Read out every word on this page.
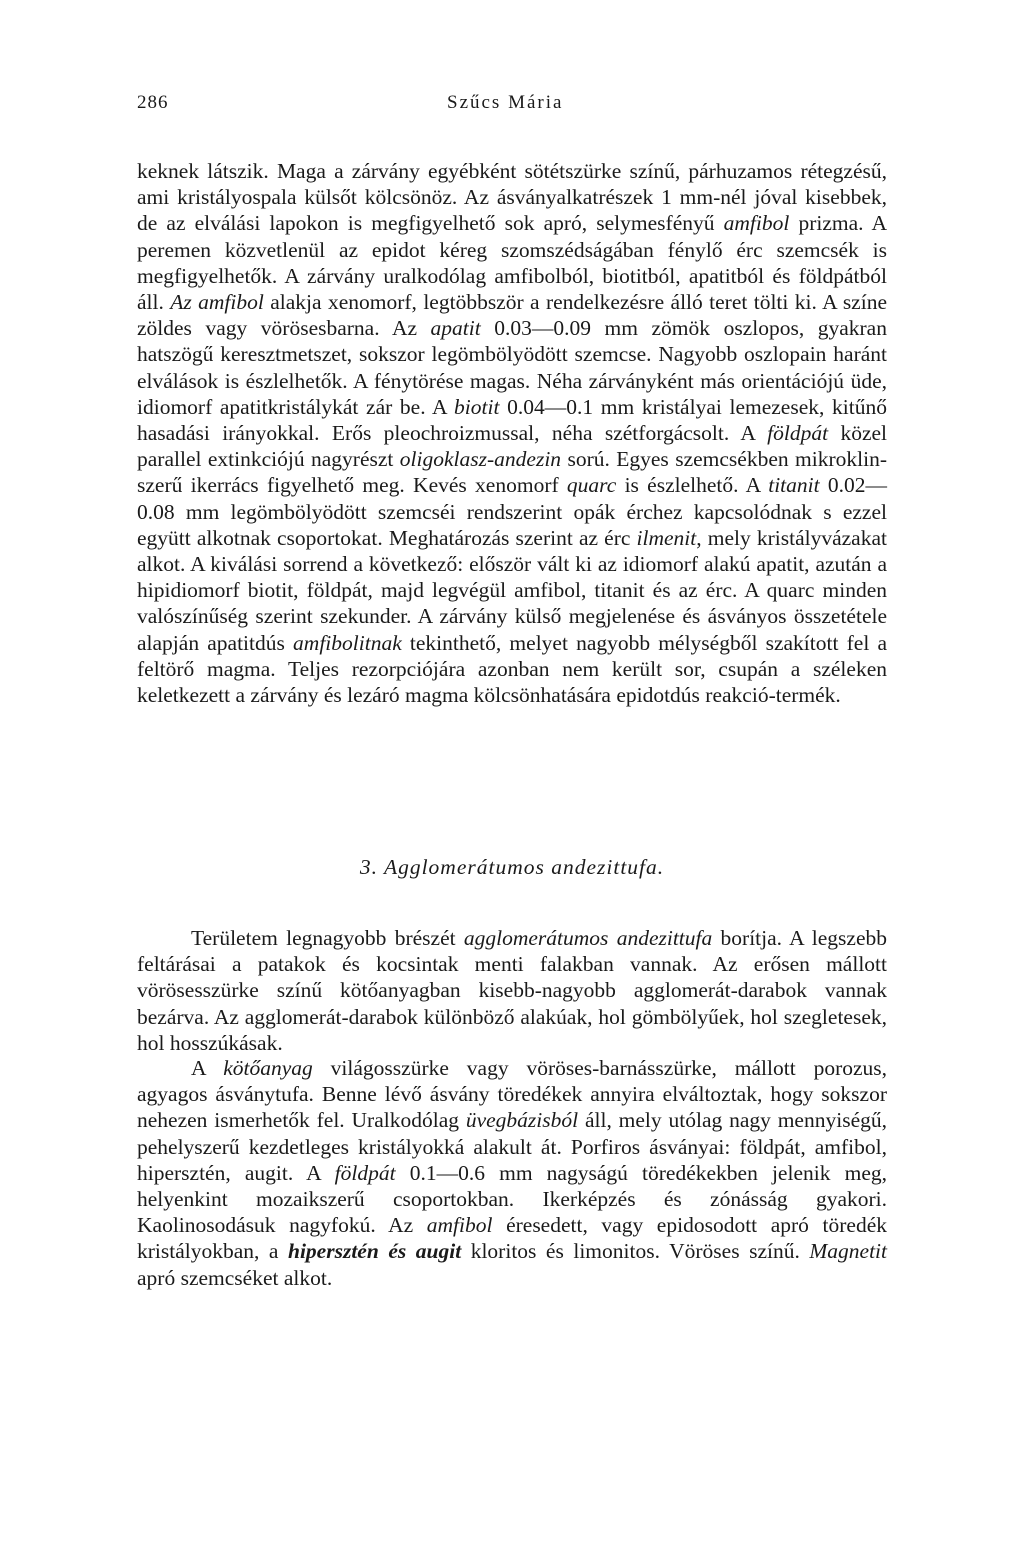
286	Szűcs Mária

keknek látszik. Maga a zárvány egyébként sötétszürke színű, párhuzamos rétegzésű, ami kristályospala külsőt kölcsönöz. Az ásványalkatrészek 1 mm-nél jóval kisebbek, de az elválási lapokon is megfigyelhető sok apró, selymesfényű amfibol prizma. A peremen közvetlenül az epidot kéreg szomszédságában fénylő érc szemcsék is megfigyelhetők. A zárvány uralkodólag amfibolból, biotitból, apatitból és földpátból áll. Az amfibol alakja xenomorf, legtöbbször a rendelkezésre álló teret tölti ki. A színe zöldes vagy vörösesbarna. Az apatit 0.03—0.09 mm zömök oszlopos, gyakran hatszögű keresztmetszet, sokszor legömbölyödött szemcse. Nagyobb oszlopain haránt elválások is észlelhetők. A fénytörése magas. Néha zárványként más orientációjú üde, idiomorf apatitkristálykát zár be. A biotit 0.04—0.1 mm kristályai lemezesek, kitűnő hasadási irányokkal. Erős pleochroizmussal, néha szétforgácsolt. A földpát közel parallel extinkciójú nagyrészt oligoklasz-andezin sorú. Egyes szemcsékben mikroklin-szerű ikerrács figyelhető meg. Kevés xenomorf quarc is észlelhető. A titanit 0.02—0.08 mm legömbölyödött szemcséi rendszerint opák érchez kapcsolódnak s ezzel együtt alkotnak csoportokat. Meghatározás szerint az érc ilmenit, mely kristályvázakat alkot. A kiválási sorrend a következő: először vált ki az idiomorf alakú apatit, azután a hipidiomorf biotit, földpát, majd legvégül amfibol, titanit és az érc. A quarc minden valószínűség szerint szekunder. A zárvány külső megjelenése és ásványos összetétele alapján apatitdús amfibolitnak tekinthető, melyet nagyobb mélységből szakított fel a feltörő magma. Teljes rezorpciójára azonban nem került sor, csupán a széleken keletkezett a zárvány és lezáró magma kölcsönhatására epidotdús reakció-termék.

3. Agglomerátumos andezittufa.

Területem legnagyobb brészét agglomerátumos andezittufa borítja. A legszebb feltárásai a patakok és kocsintak menti falakban vannak. Az erősen mállott vörösesszürke színű kötőanyagban kisebb-nagyobb agglomerát-darabok vannak bezárva. Az agglomerát-darabok különböző alakúak, hol gömbölyűek, hol szegletesek, hol hosszúkásak.

A kötőanyag világosszürke vagy vöröses-barnásszürke, mállott porozus, agyagos ásványtufa. Benne lévő ásvány töredékek annyira elváltoztak, hogy sokszor nehezen ismerhetők fel. Uralkodólag üvegbázisból áll, mely utólag nagy mennyiségű, pehelyszerű kezdetleges kristályokká alakult át. Porfiros ásványai: földpát, amfibol, hipersztén, augit. A földpát 0.1—0.6 mm nagyságú töredékekben jelenik meg, helyenkint mozaikszerű csoportokban. Ikerképzés és zónásság gyakori. Kaolinosodásuk nagyfokú. Az amfibol éresedett, vagy epidosodott apró töredék kristályokban, a hipersztén és augit kloritos és limonitos. Vöröses színű. Magnetit apró szemcséket alkot.
